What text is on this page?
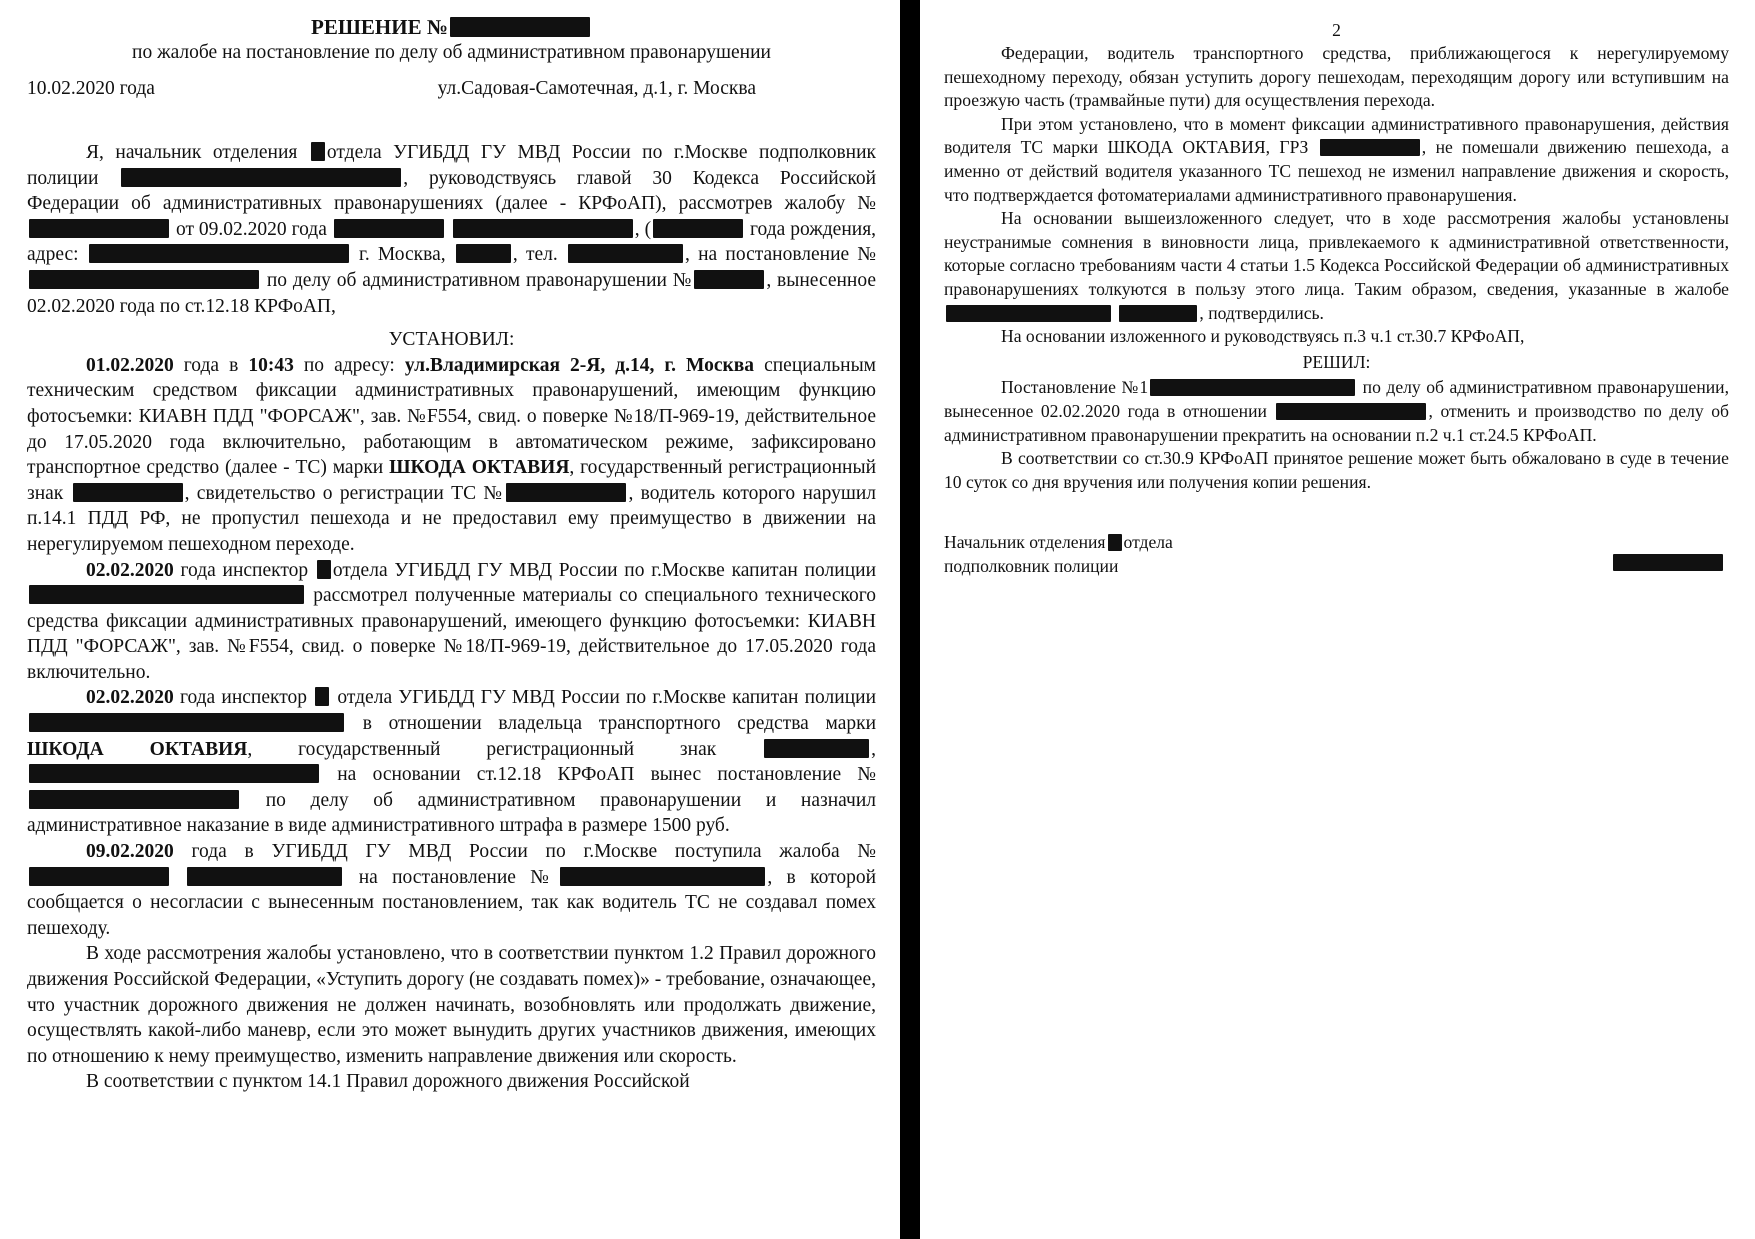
РЕШЕНИЕ №

по жалобе на постановление по делу об административном правонарушении

10.02.2020 года	ул.Садовая-Самотечная, д.1, г. Москва

Я, начальник отделения отдела УГИБДД ГУ МВД России по г.Москве подполковник полиции	, руководствуясь главой 30 Кодекса Российской Федерации об административных правонарушениях (далее - КРФоАП), рассмотрев жалобу № от 09.02.2020 года	, (	года рождения, адрес:	г. Москва,	, тел.	, на постановление № по делу об административном правонарушении №	, вынесенное 02.02.2020 года по ст.12.18 КРФоАП,

УСТАНОВИЛ:

01.02.2020 года в 10:43 по адресу: ул.Владимирская 2-Я, д.14, г. Москва специальным техническим средством фиксации административных правонарушений, имеющим функцию фотосъемки: КИАВН ПДД "ФОРСАЖ", зав. №F554, свид. о поверке №18/П-969-19, действительное до 17.05.2020 года включительно, работающим в автоматическом режиме, зафиксировано транспортное средство (далее - ТС) марки ШКОДА ОКТАВИЯ, государственный регистрационный знак	, свидетельство о регистрации ТС №	, водитель которого нарушил п.14.1 ПДД РФ, не пропустил пешехода и не предоставил ему преимущество в движении на нерегулируемом пешеходном переходе.

02.02.2020 года инспектор отдела УГИБДД ГУ МВД России по г.Москве капитан полиции  рассмотрел полученные материалы со специального технического средства фиксации административных правонарушений, имеющего функцию фотосъемки: КИАВН ПДД "ФОРСАЖ", зав. №F554, свид. о поверке №18/П-969-19, действительное до 17.05.2020 года включительно.

02.02.2020 года инспектор отдела УГИБДД ГУ МВД России по г.Москве капитан полиции  в отношении владельца транспортного средства марки ШКОДА ОКТАВИЯ, государственный регистрационный знак	,  на основании ст.12.18 КРФоАП вынес постановление № по делу об административном правонарушении и назначил административное наказание в виде административного штрафа в размере 1500 руб.

09.02.2020 года в УГИБДД ГУ МВД России по г.Москве поступила жалоба №  на постановление №	, в которой сообщается о несогласии с вынесенным постановлением, так как водитель ТС не создавал помех пешеходу.

В ходе рассмотрения жалобы установлено, что в соответствии пунктом 1.2 Правил дорожного движения Российской Федерации, «Уступить дорогу (не создавать помех)» - требование, означающее, что участник дорожного движения не должен начинать, возобновлять или продолжать движение, осуществлять какой-либо маневр, если это может вынудить других участников движения, имеющих по отношению к нему преимущество, изменить направление движения или скорость.

В соответствии с пунктом 14.1 Правил дорожного движения Российской

2

Федерации, водитель транспортного средства, приближающегося к нерегулируемому пешеходному переходу, обязан уступить дорогу пешеходам, переходящим дорогу или вступившим на проезжую часть (трамвайные пути) для осуществления перехода.

При этом установлено, что в момент фиксации административного правонарушения, действия водителя ТС марки ШКОДА ОКТАВИЯ, ГРЗ	, не помешали движению пешехода, а именно от действий водителя указанного ТС пешеход не изменил направление движения и скорость, что подтверждается фотоматериалами административного правонарушения.

На основании вышеизложенного следует, что в ходе рассмотрения жалобы установлены неустранимые сомнения в виновности лица, привлекаемого к административной ответственности, которые согласно требованиям части 4 статьи 1.5 Кодекса Российской Федерации об административных правонарушениях толкуются в пользу этого лица. Таким образом, сведения, указанные в жалобе  , подтвердились.

На основании изложенного и руководствуясь п.3 ч.1 ст.30.7 КРФоАП,

РЕШИЛ:

Постановление №1	по делу об административном правонарушении, вынесенное 02.02.2020 года в отношении	, отменить и производство по делу об административном правонарушении прекратить на основании п.2 ч.1 ст.24.5 КРФоАП.

В соответствии со ст.30.9 КРФоАП принятое решение может быть обжаловано в суде в течение 10 суток со дня вручения или получения копии решения.

Начальник отделения отдела
подполковник полиции
